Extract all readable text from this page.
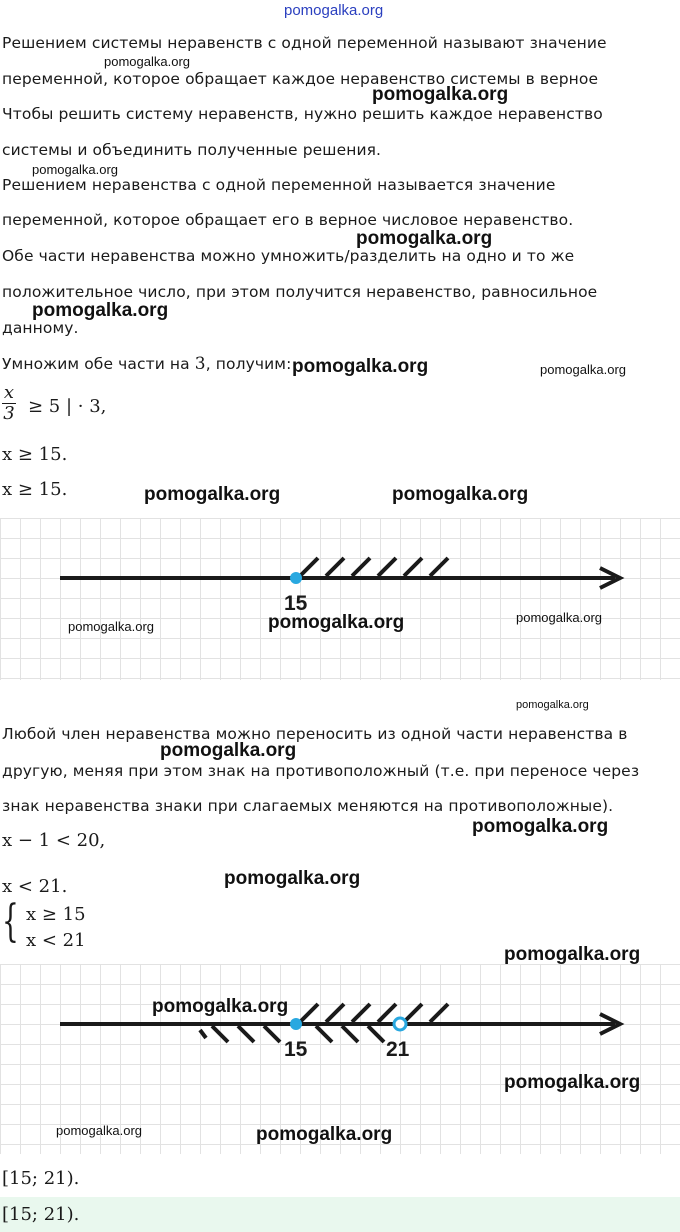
pomogalka.org
Решением системы неравенств с одной переменной называют значение
переменной, которое обращает каждое неравенство системы в верное
Чтобы решить систему неравенств, нужно решить каждое неравенство
системы и объединить полученные решения.
Решением неравенства с одной переменной называется значение
переменной, которое обращает его в верное числовое неравенство.
Обе части неравенства можно умножить/разделить на одно и то же
положительное число, при этом получится неравенство, равносильное
данному.
Умножим обе части на 3, получим:
x
3 ≥ 5 | · 3,
x ≥ 15.
x ≥ 15.
15
Любой член неравенства можно переносить из одной части неравенства в
другую, меняя при этом знак на противоположный (т.е. при переносе через
знак неравенства знаки при слагаемых меняются на противоположные).
x − 1 < 20,
x < 21.
{ x ≥ 15
x < 21
15	21
[15; 21).
[15; 21).
pomogalka.org
pomogalka.org
pomogalka.org
pomogalka.org
pomogalka.org
pomogalka.org	pomogalka.org
pomogalka.org	pomogalka.org
pomogalka.org	pomogalka.org	pomogalka.org
pomogalka.org
pomogalka.org
pomogalka.org
pomogalka.org
pomogalka.org
pomogalka.org
pomogalka.org
pomogalka.org	pomogalka.org
